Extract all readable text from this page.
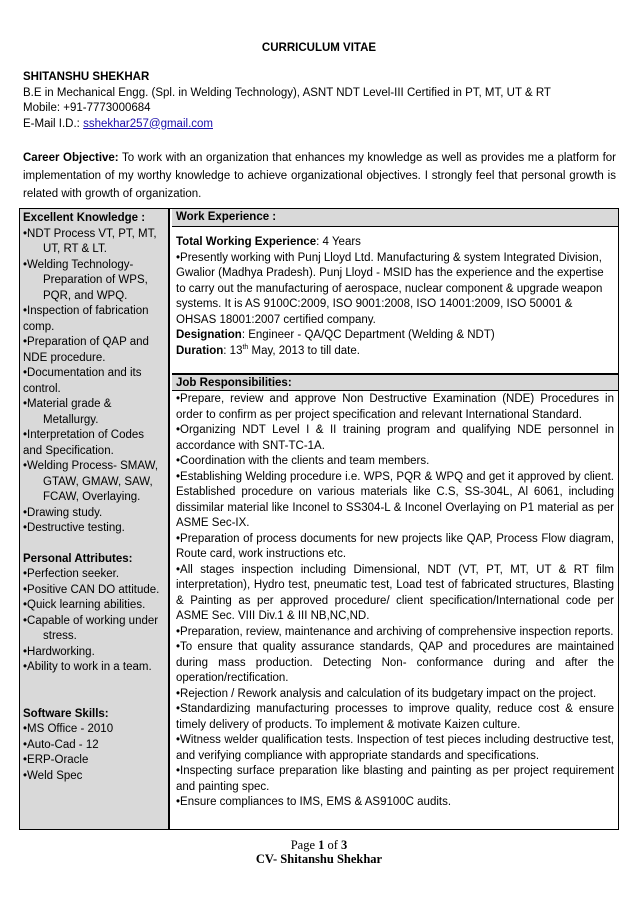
CURRICULUM VITAE
SHITANSHU SHEKHAR
B.E in Mechanical Engg. (Spl. in Welding Technology), ASNT NDT Level-III Certified in PT, MT, UT & RT
Mobile: +91-7773000684
E-Mail I.D.: sshekhar257@gmail.com
Career Objective: To work with an organization that enhances my knowledge as well as provides me a platform for implementation of my worthy knowledge to achieve organizational objectives. I strongly feel that personal growth is related with growth of organization.
Excellent Knowledge :
•NDT Process VT, PT, MT,
UT, RT & LT.
•Welding Technology-
Preparation of WPS, PQR, and WPQ.
•Inspection of fabrication comp.
•Preparation of QAP and NDE procedure.
•Documentation and its control.
•Material grade &
Metallurgy.
•Interpretation of Codes and Specification.
•Welding Process- SMAW,
GTAW, GMAW, SAW, FCAW, Overlaying.
•Drawing study.
•Destructive testing.
Personal Attributes:
•Perfection seeker.
•Positive CAN DO attitude.
•Quick learning abilities.
•Capable of working under
stress.
•Hardworking.
•Ability to work in a team.
Software Skills:
•MS Office - 2010
•Auto-Cad - 12
•ERP-Oracle
•Weld Spec
Work Experience :
Total Working Experience: 4 Years
•Presently working with Punj Lloyd Ltd. Manufacturing & system Integrated Division, Gwalior (Madhya Pradesh). Punj Lloyd - MSID has the experience and the expertise to carry out the manufacturing of aerospace, nuclear component & upgrade weapon systems. It is AS 9100C:2009, ISO 9001:2008, ISO 14001:2009, ISO 50001 & OHSAS 18001:2007 certified company.
Designation: Engineer - QA/QC Department (Welding & NDT)
Duration: 13th May, 2013 to till date.
Job Responsibilities:
•Prepare, review and approve Non Destructive Examination (NDE) Procedures in order to confirm as per project specification and relevant International Standard.
•Organizing NDT Level I & II training program and qualifying NDE personnel in accordance with SNT-TC-1A.
•Coordination with the clients and team members.
•Establishing Welding procedure i.e. WPS, PQR & WPQ and get it approved by client. Established procedure on various materials like C.S, SS-304L, Al 6061, including dissimilar material like Inconel to SS304-L & Inconel Overlaying on P1 material as per ASME Sec-IX.
•Preparation of process documents for new projects like QAP, Process Flow diagram, Route card, work instructions etc.
•All stages inspection including Dimensional, NDT (VT, PT, MT, UT & RT film interpretation), Hydro test, pneumatic test, Load test of fabricated structures, Blasting & Painting as per approved procedure/ client specification/International code per ASME Sec. VIII Div.1 & III NB,NC,ND.
•Preparation, review, maintenance and archiving of comprehensive inspection reports.
•To ensure that quality assurance standards, QAP and procedures are maintained during mass production. Detecting Non- conformance during and after the operation/rectification.
•Rejection / Rework analysis and calculation of its budgetary impact on the project.
•Standardizing manufacturing processes to improve quality, reduce cost & ensure timely delivery of products. To implement & motivate Kaizen culture.
•Witness welder qualification tests. Inspection of test pieces including destructive test, and verifying compliance with appropriate standards and specifications.
•Inspecting surface preparation like blasting and painting as per project requirement and painting spec.
•Ensure compliances to IMS, EMS & AS9100C audits.
Page 1 of 3
CV- Shitanshu Shekhar
